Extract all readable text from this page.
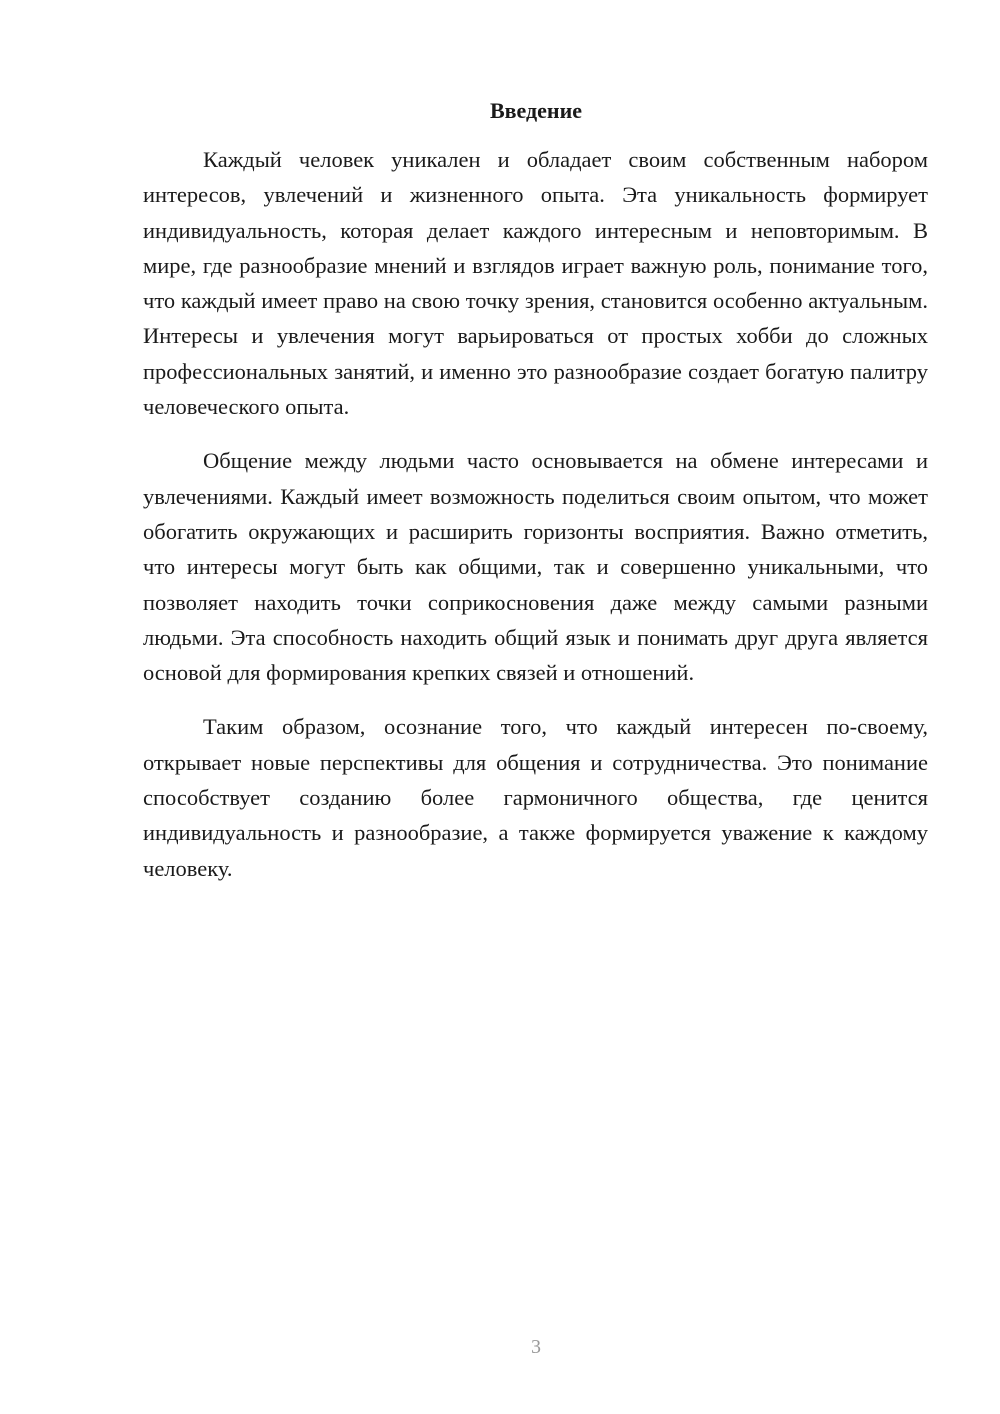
Введение

Каждый человек уникален и обладает своим собственным набором интересов, увлечений и жизненного опыта. Эта уникальность формирует индивидуальность, которая делает каждого интересным и неповторимым. В мире, где разнообразие мнений и взглядов играет важную роль, понимание того, что каждый имеет право на свою точку зрения, становится особенно актуальным. Интересы и увлечения могут варьироваться от простых хобби до сложных профессиональных занятий, и именно это разнообразие создает богатую палитру человеческого опыта.

Общение между людьми часто основывается на обмене интересами и увлечениями. Каждый имеет возможность поделиться своим опытом, что может обогатить окружающих и расширить горизонты восприятия. Важно отметить, что интересы могут быть как общими, так и совершенно уникальными, что позволяет находить точки соприкосновения даже между самыми разными людьми. Эта способность находить общий язык и понимать друг друга является основой для формирования крепких связей и отношений.

Таким образом, осознание того, что каждый интересен по-своему, открывает новые перспективы для общения и сотрудничества. Это понимание способствует созданию более гармоничного общества, где ценится индивидуальность и разнообразие, а также формируется уважение к каждому человеку.

3
